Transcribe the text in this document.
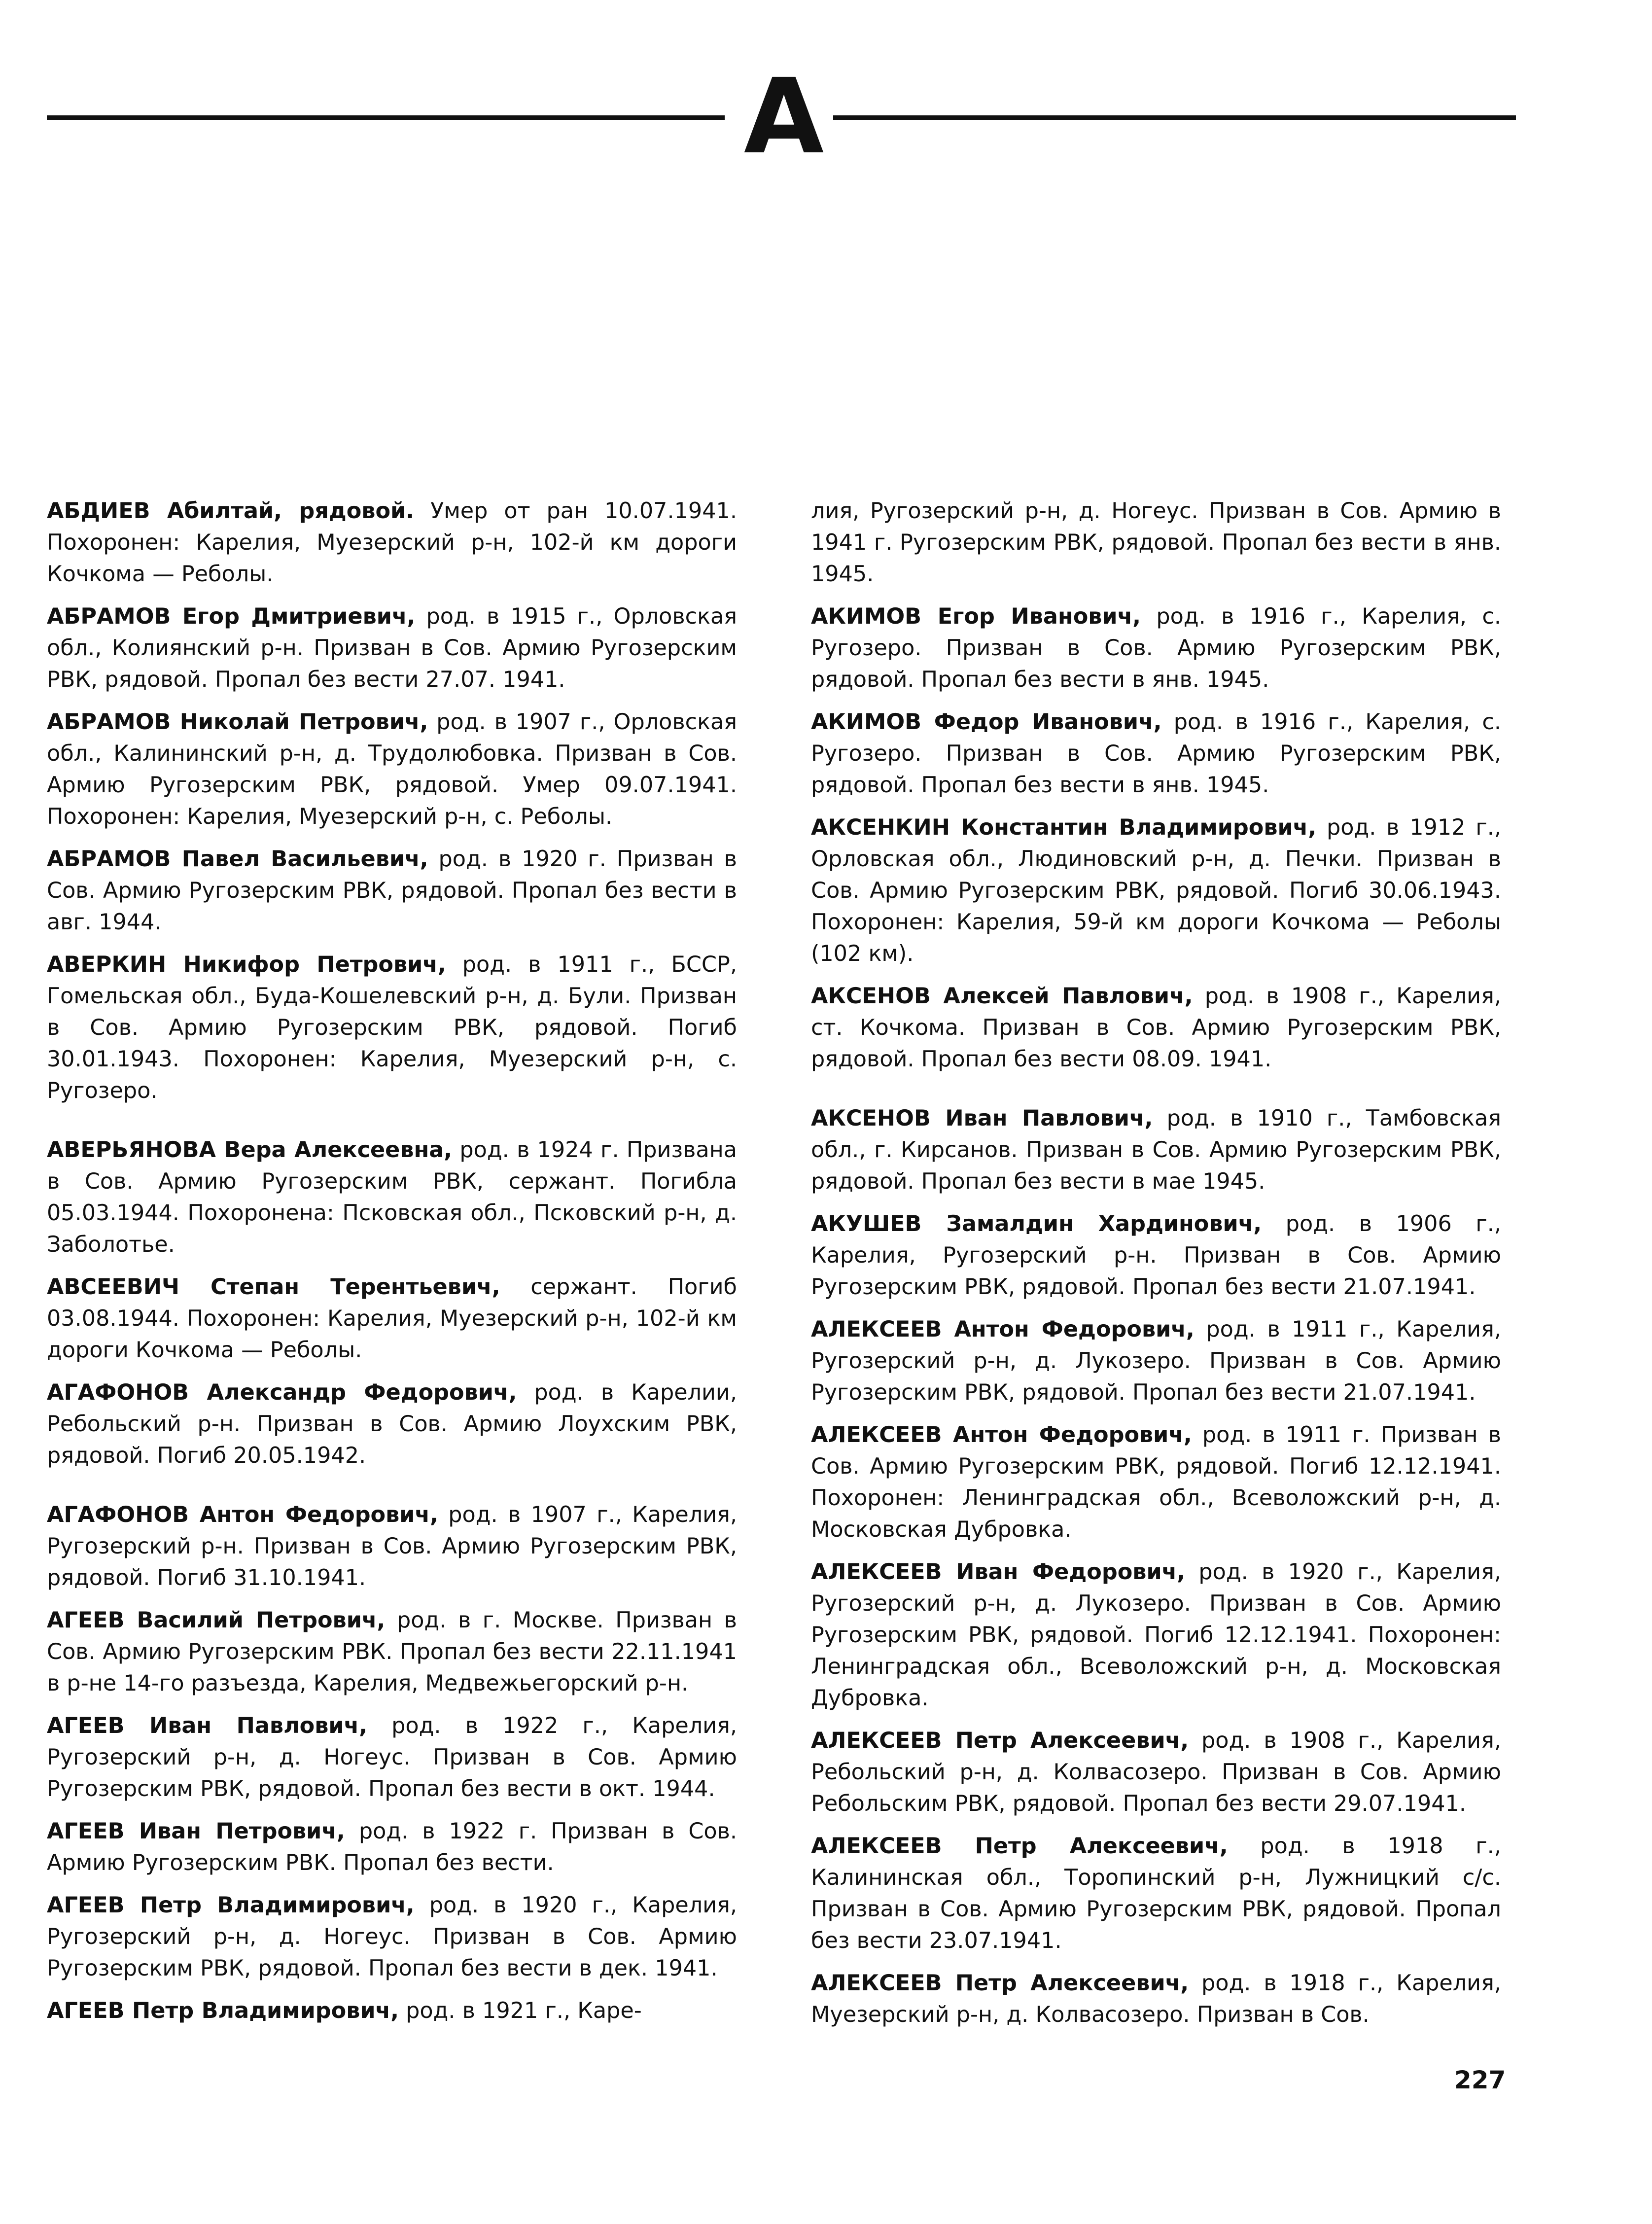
А

АБДИЕВ Абилтай, рядовой. Умер от ран 10.07.1941. Похоронен: Карелия, Муезерский р-н, 102-й км дороги Кочкома — Реболы.

АБРАМОВ Егор Дмитриевич, род. в 1915 г., Орловская обл., Колиянский р-н. Призван в Сов. Армию Ругозерским РВК, рядовой. Пропал без вести 27.07. 1941.

АБРАМОВ Николай Петрович, род. в 1907 г., Орловская обл., Калининский р-н, д. Трудолюбовка. Призван в Сов. Армию Ругозерским РВК, рядовой. Умер 09.07.1941. Похоронен: Карелия, Муезерский р-н, с. Реболы.

АБРАМОВ Павел Васильевич, род. в 1920 г. Призван в Сов. Армию Ругозерским РВК, рядовой. Пропал без вести в авг. 1944.

АВЕРКИН Никифор Петрович, род. в 1911 г., БССР, Гомельская обл., Буда-Кошелевский р-н, д. Були. Призван в Сов. Армию Ругозерским РВК, рядовой. Погиб 30.01.1943. Похоронен: Карелия, Муезерский р-н, с. Ругозеро.

АВЕРЬЯНОВА Вера Алексеевна, род. в 1924 г. Призвана в Сов. Армию Ругозерским РВК, сержант. Погибла 05.03.1944. Похоронена: Псковская обл., Псковский р-н, д. Заболотье.

АВСЕЕВИЧ Степан Терентьевич, сержант. Погиб 03.08.1944. Похоронен: Карелия, Муезерский р-н, 102-й км дороги Кочкома — Реболы.

АГАФОНОВ Александр Федорович, род. в Карелии, Ребольский р-н. Призван в Сов. Армию Лоухским РВК, рядовой. Погиб 20.05.1942.

АГАФОНОВ Антон Федорович, род. в 1907 г., Карелия, Ругозерский р-н. Призван в Сов. Армию Ругозерским РВК, рядовой. Погиб 31.10.1941.

АГЕЕВ Василий Петрович, род. в г. Москве. Призван в Сов. Армию Ругозерским РВК. Пропал без вести 22.11.1941 в р-не 14-го разъезда, Карелия, Медвежьегорский р-н.

АГЕЕВ Иван Павлович, род. в 1922 г., Карелия, Ругозерский р-н, д. Ногеус. Призван в Сов. Армию Ругозерским РВК, рядовой. Пропал без вести в окт. 1944.

АГЕЕВ Иван Петрович, род. в 1922 г. Призван в Сов. Армию Ругозерским РВК. Пропал без вести.

АГЕЕВ Петр Владимирович, род. в 1920 г., Карелия, Ругозерский р-н, д. Ногеус. Призван в Сов. Армию Ругозерским РВК, рядовой. Пропал без вести в дек. 1941.

АГЕЕВ Петр Владимирович, род. в 1921 г., Каре-

лия, Ругозерский р-н, д. Ногеус. Призван в Сов. Армию в 1941 г. Ругозерским РВК, рядовой. Пропал без вести в янв. 1945.

АКИМОВ Егор Иванович, род. в 1916 г., Карелия, с. Ругозеро. Призван в Сов. Армию Ругозерским РВК, рядовой. Пропал без вести в янв. 1945.

АКИМОВ Федор Иванович, род. в 1916 г., Карелия, с. Ругозеро. Призван в Сов. Армию Ругозерским РВК, рядовой. Пропал без вести в янв. 1945.

АКСЕНКИН Константин Владимирович, род. в 1912 г., Орловская обл., Людиновский р-н, д. Печки. Призван в Сов. Армию Ругозерским РВК, рядовой. Погиб 30.06.1943. Похоронен: Карелия, 59-й км дороги Кочкома — Реболы (102 км).

АКСЕНОВ Алексей Павлович, род. в 1908 г., Карелия, ст. Кочкома. Призван в Сов. Армию Ругозерским РВК, рядовой. Пропал без вести 08.09. 1941.

АКСЕНОВ Иван Павлович, род. в 1910 г., Тамбовская обл., г. Кирсанов. Призван в Сов. Армию Ругозерским РВК, рядовой. Пропал без вести в мае 1945.

АКУШЕВ Замалдин Хардинович, род. в 1906 г., Карелия, Ругозерский р-н. Призван в Сов. Армию Ругозерским РВК, рядовой. Пропал без вести 21.07.1941.

АЛЕКСЕЕВ Антон Федорович, род. в 1911 г., Карелия, Ругозерский р-н, д. Лукозеро. Призван в Сов. Армию Ругозерским РВК, рядовой. Пропал без вести 21.07.1941.

АЛЕКСЕЕВ Антон Федорович, род. в 1911 г. Призван в Сов. Армию Ругозерским РВК, рядовой. Погиб 12.12.1941. Похоронен: Ленинградская обл., Всеволожский р-н, д. Московская Дубровка.

АЛЕКСЕЕВ Иван Федорович, род. в 1920 г., Карелия, Ругозерский р-н, д. Лукозеро. Призван в Сов. Армию Ругозерским РВК, рядовой. Погиб 12.12.1941. Похоронен: Ленинградская обл., Всеволожский р-н, д. Московская Дубровка.

АЛЕКСЕЕВ Петр Алексеевич, род. в 1908 г., Карелия, Ребольский р-н, д. Колвасозеро. Призван в Сов. Армию Ребольским РВК, рядовой. Пропал без вести 29.07.1941.

АЛЕКСЕЕВ Петр Алексеевич, род. в 1918 г., Калининская обл., Торопинский р-н, Лужницкий с/с. Призван в Сов. Армию Ругозерским РВК, рядовой. Пропал без вести 23.07.1941.

АЛЕКСЕЕВ Петр Алексеевич, род. в 1918 г., Карелия, Муезерский р-н, д. Колвасозеро. Призван в Сов.

227
